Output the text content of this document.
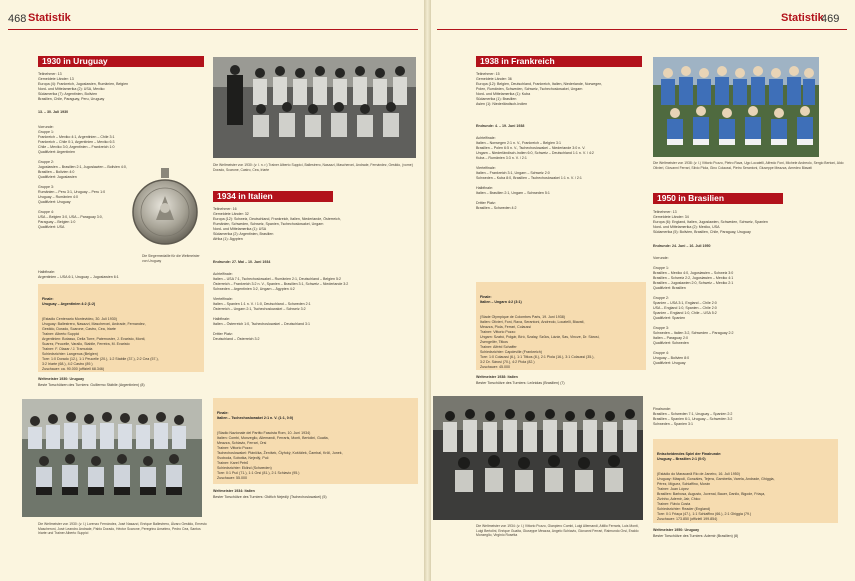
468 Statistik
1930 in Uruguay
Teilnehmer: 13
Gemeldete Länder: 13
Europa (4): Frankreich, Jugoslawien, Rumänien, Belgien
Nord- und Mittelamerika (2): USA, Mexiko
Südamerika (7): Argentinien, Bolivien
Brasilien, Chile, Paraguay, Peru, Uruguay
13. – 30. Juli 1930
Vorrunde:
Gruppe 1:
Frankreich – Mexiko 4:1, Argentinien – Chile 3:1
Frankreich – Chile 0:1, Argentinien – Mexiko 6:3
Chile – Mexiko 3:0, Argentinien – Frankreich 1:0
Qualifiziert: Argentinien

Gruppe 2:
Jugoslawien – Brasilien 2:1, Jugoslawien – Bolivien 4:0,
Brasilien – Bolivien 4:0
Qualifiziert: Jugoslawien

Gruppe 3:
Rumänien – Peru 3:1, Uruguay – Peru 1:0
Uruguay – Rumänien 4:0
Qualifiziert: Uruguay

Gruppe 4:
USA – Belgien 3:0, USA – Paraguay 3:0,
Paraguay – Belgien 1:0
Qualifiziert: USA
Die Siegermedaille für die Weltmeister von Uruguay
Halbfinale:
Argentinien – USA 6:1, Uruguay – Jugoslawien 6:1

Finale:
Uruguay – Argentinien 4:2 (1:2)

(Estadio Centenario Montevideo, 30. Juli 1930)
Uruguay: Ballestrero, Nasazzi, Mascheroni, Andrade, Fernandez,
Gestido, Dorado, Scarone, Castro, Cea, Iriarte
Trainer: Alberto Suppici
Argentinien: Botasso, Della Torre, Paternoster, J. Evaristo, Monti,
Suarez, Peucelle, Varallo, Stabile, Ferreira, M. Evaristo
Trainer: F. Olazar / J. Tramutola
Schiedsrichter: Langenus (Belgien)
Tore: 1:0 Dorado (12.), 1:1 Peucelle (20.), 1:2 Stabile (37.), 2:2 Cea (57.),
3:2 Iriarte (68.), 4:2 Castro (89.)
Zuschauer: ca. 90.000 (offiziell 68.346)

Weltmeister 1930: Uruguay
Beste Torschützen des Turniers: Guillermo Stábile (Argentinien) (8)
Die Weltmeister von 1930: (v. l.) Lorenzo Fernández, José Nasazzi, Enrique Ballestrero, Álvaro Gestido, Ernesto Mascheroni, José Leandro Andrade, Pablo Dorado, Héctor Scarone, Peregrino Anselmo, Pedro Cea, Santos Iriarte und Trainer Alberto Suppici
Die Weltmeister von 1930: (v. l. n. r.) Trainer Alberto Suppici, Ballestrero, Nasazzi, Mascheroni, Andrade, Fernández, Gestido, (vorne) Dorado, Scarone, Castro, Cea, Iriarte
1934 in Italien
Teilnehmer: 16
Gemeldete Länder: 32
Europa (12): Schweiz, Deutschland, Frankreich, Italien, Niederlande, Österreich,
Rumänien, Schweden, Schweiz, Spanien, Tschechoslowakei, Ungarn
Nord- und Mittelamerika (1): USA
Südamerika (2): Argentinien, Brasilien
Afrika (1): Ägypten
Endrunde: 27. Mai – 10. Juni 1934
Achtelfinale:
Italien – USA 7:1, Tschechoslowakei – Rumänien 2:1, Deutschland – Belgien 5:2
Österreich – Frankreich 3:2 n. V., Spanien – Brasilien 3:1, Schweiz – Niederlande 3:2
Schweden – Argentinien 3:2, Ungarn – Ägypten 4:2

Viertelfinale:
Italien – Spanien 1:1 n. V. / 1:0, Deutschland – Schweden 2:1
Österreich – Ungarn 2:1, Tschechoslowakei – Schweiz 3:2

Halbfinale:
Italien – Österreich 1:0, Tschechoslowakei – Deutschland 3:1

Dritter Platz:
Deutschland – Österreich 3:2

Finale:
Italien – Tschechoslowakei 2:1 n. V. (1:1, 0:0)

(Stadio Nazionale del Partito Fascista Rom, 10. Juni 1934)
Italien: Combi, Monzeglio, Allemandi, Ferraris, Monti, Bertolini, Guaita,
Meazza, Schiavio, Ferrari, Orsi
Trainer: Vittorio Pozzo
Tschechoslowakei: Plánička, Ženíšek, Čtyřoký, Košťálek, Čambal, Krčil, Junek,
Svoboda, Sobotka, Nejedlý, Puč
Trainer: Karel Petrů
Schiedsrichter: Eklind (Schweden)
Tore: 0:1 Puč (71.), 1:1 Orsi (81.), 2:1 Schiavio (95.)
Zuschauer: 55.000

Weltmeister 1934: Italien
Bester Torschütze des Turniers: Oldřich Nejedlý (Tschechoslowakei) (5)
Statistik
469
1938 in Frankreich
Teilnehmer: 15
Gemeldete Länder: 36
Europa (12): Belgien, Deutschland, Frankreich, Italien, Niederlande, Norwegen,
Polen, Rumänien, Schweden, Schweiz, Tschechoslowakei, Ungarn
Nord- und Mittelamerika (1): Kuba
Südamerika (1): Brasilien
Asien (1): Niederländisch-Indien
Endrunde: 4. – 19. Juni 1938
Achtelfinale:
Italien – Norwegen 2:1 n. V., Frankreich – Belgien 3:1
Brasilien – Polen 6:5 n. V., Tschechoslowakei – Niederlande 3:0 n. V.
Ungarn – Niederländisch-Indien 6:0, Schweiz – Deutschland 1:1 n. V. / 4:2
Kuba – Rumänien 3:3 n. V. / 2:1

Viertelfinale:
Italien – Frankreich 3:1, Ungarn – Schweiz 2:0
Schweden – Kuba 8:0, Brasilien – Tschechoslowakei 1:1 n. V. / 2:1

Halbfinale:
Italien – Brasilien 2:1, Ungarn – Schweden 5:1

Dritter Platz:
Brasilien – Schweden 4:2

Finale:
Italien – Ungarn 4:2 (3:1)

(Stade Olympique de Colombes Paris, 19. Juni 1938)
Italien: Olivieri, Foni, Rava, Serantoni, Andreolo, Locatelli, Biavati,
Meazza, Piola, Ferrari, Colaussi
Trainer: Vittorio Pozzo
Ungarn: Szabó, Polgár, Bíró, Szalay, Szűcs, Lázár, Sas, Vincze, Dr. Sárosi,
Zsengellér, Titkos
Trainer: Alfréd Schaffer
Schiedsrichter: Capdeville (Frankreich)
Tore: 1:0 Colaussi (6.), 1:1 Titkos (8.), 2:1 Piola (16.), 3:1 Colaussi (35.),
3:2 Dr. Sárosi (70.), 4:2 Piola (82.)
Zuschauer: 45.000

Weltmeister 1938: Italien
Bester Torschütze des Turniers: Leônidas (Brasilien) (7)
Die Weltmeister von 1934: (v. l.) Vittorio Pozzo, Gianpiero Combi, Luigi Allemandi, Attilio Ferraris, Luis Monti, Luigi Bertolini, Enrique Guaita, Giuseppe Meazza, Angelo Schiavio, Giovanni Ferrari, Raimundo Orsi, Eraldo Monzeglio, Virginio Rosetta
Die Weltmeister von 1938: (v. l.) Vittorio Pozzo, Pietro Rava, Ugo Locatelli, Alfredo Foni, Michele Andreolo, Sergio Bertoni, Aldo Olivieri, Giovanni Ferrari, Silvio Piola, Gino Colaussi, Pietro Serantoni, Giuseppe Meazza, Amedeo Biavati
1950 in Brasilien
Teilnehmer: 13
Gemeldete Länder: 34
Europa (6): England, Italien, Jugoslawien, Schweden, Schweiz, Spanien
Nord- und Mittelamerika (2): Mexiko, USA
Südamerika (5): Bolivien, Brasilien, Chile, Paraguay, Uruguay
Endrunde: 24. Juni – 16. Juli 1950
Vorrunde:

Gruppe 1:
Brasilien – Mexiko 4:0, Jugoslawien – Schweiz 3:0
Brasilien – Schweiz 2:2, Jugoslawien – Mexiko 4:1
Brasilien – Jugoslawien 2:0, Schweiz – Mexiko 2:1
Qualifiziert: Brasilien

Gruppe 2:
Spanien – USA 3:1, England – Chile 2:0
USA – England 1:0, Spanien – Chile 2:0
Spanien – England 1:0, Chile – USA 5:2
Qualifiziert: Spanien

Gruppe 3:
Schweden – Italien 3:2, Schweden – Paraguay 2:2
Italien – Paraguay 2:0
Qualifiziert: Schweden

Gruppe 4:
Uruguay – Bolivien 8:0
Qualifiziert: Uruguay
Finalrunde:
Brasilien – Schweden 7:1, Uruguay – Spanien 2:2
Brasilien – Spanien 6:1, Uruguay – Schweden 3:2
Schweden – Spanien 3:1

Entscheidendes Spiel der Finalrunde:
Uruguay – Brasilien 2:1 (0:0)

(Estádio do Maracanã Rio de Janeiro, 16. Juli 1950)
Uruguay: Máspoli, Gonzáles, Tejera, Gambetta, Varela, Andrade, Ghiggia,
Pérez, Míguez, Schiaffino, Morán
Trainer: Juan López
Brasilien: Barbosa, Augusto, Juvenal, Bauer, Danilo, Bigode, Friaça,
Zizinho, Ademir, Jair, Chico
Trainer: Flávio Costa
Schiedsrichter: Reader (England)
Tore: 0:1 Friaça (47.), 1:1 Schiaffino (66.), 2:1 Ghiggia (79.)
Zuschauer: 173.850 (offiziell 199.854)

Weltmeister 1950: Uruguay
Bester Torschütze des Turniers: Ademir (Brasilien) (8)
